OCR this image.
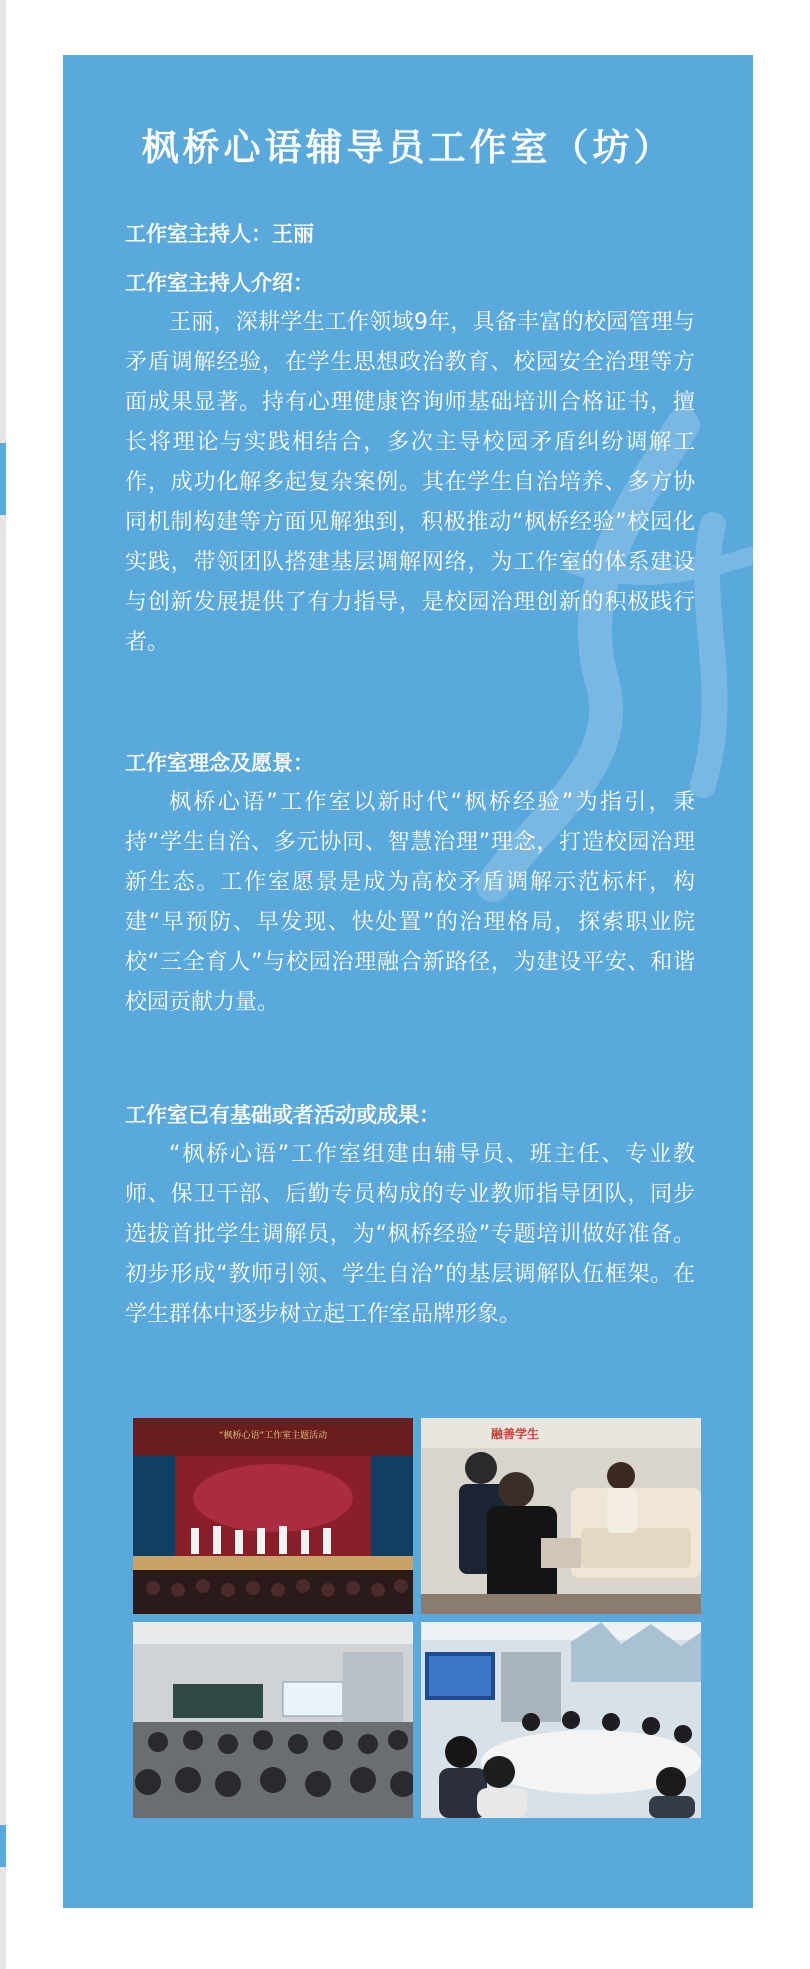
枫桥心语辅导员工作室（坊）

工作室主持人：王丽

工作室主持人介绍：

王丽，深耕学生工作领域9年，具备丰富的校园管理与矛盾调解经验，在学生思想政治教育、校园安全治理等方面成果显著。持有心理健康咨询师基础培训合格证书，擅长将理论与实践相结合，多次主导校园矛盾纠纷调解工作，成功化解多起复杂案例。其在学生自治培养、多方协同机制构建等方面见解独到，积极推动“枫桥经验”校园化实践，带领团队搭建基层调解网络，为工作室的体系建设与创新发展提供了有力指导，是校园治理创新的积极践行者。

工作室理念及愿景：

枫桥心语”工作室以新时代“枫桥经验”为指引，秉持“学生自治、多元协同、智慧治理”理念，打造校园治理新生态。工作室愿景是成为高校矛盾调解示范标杆，构建“早预防、早发现、快处置”的治理格局，探索职业院校“三全育人”与校园治理融合新路径，为建设平安、和谐校园贡献力量。

工作室已有基础或者活动或成果：

“枫桥心语”工作室组建由辅导员、班主任、专业教师、保卫干部、后勤专员构成的专业教师指导团队，同步选拔首批学生调解员，为“枫桥经验”专题培训做好准备。初步形成“教师引领、学生自治”的基层调解队伍框架。在学生群体中逐步树立起工作室品牌形象。

“枫桥心语”工作室主题活动	融善学生
